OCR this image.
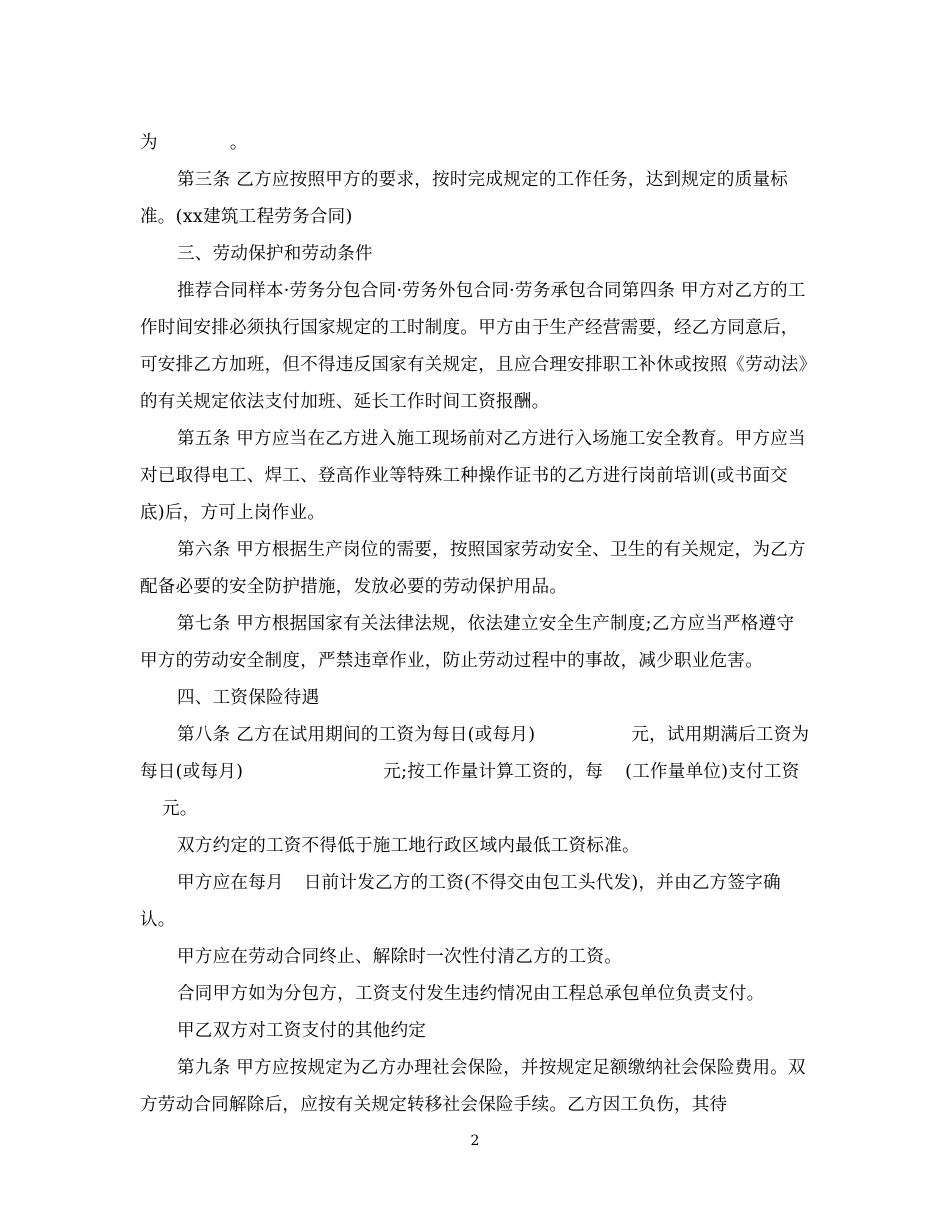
为	。

第三条 乙方应按照甲方的要求，按时完成规定的工作任务，达到规定的质量标准。(xx建筑工程劳务合同)

三、劳动保护和劳动条件

推荐合同样本·劳务分包合同·劳务外包合同·劳务承包合同第四条 甲方对乙方的工作时间安排必须执行国家规定的工时制度。甲方由于生产经营需要，经乙方同意后，可安排乙方加班，但不得违反国家有关规定，且应合理安排职工补休或按照《劳动法》的有关规定依法支付加班、延长工作时间工资报酬。

第五条 甲方应当在乙方进入施工现场前对乙方进行入场施工安全教育。甲方应当对已取得电工、焊工、登高作业等特殊工种操作证书的乙方进行岗前培训(或书面交底)后，方可上岗作业。

第六条 甲方根据生产岗位的需要，按照国家劳动安全、卫生的有关规定，为乙方配备必要的安全防护措施，发放必要的劳动保护用品。

第七条 甲方根据国家有关法律法规，依法建立安全生产制度;乙方应当严格遵守甲方的劳动安全制度，严禁违章作业，防止劳动过程中的事故，减少职业危害。

四、工资保险待遇

第八条 乙方在试用期间的工资为每日(或每月)	元，试用期满后工资为每日(或每月)	元;按工作量计算工资的，每 (工作量单位)支付工资元。

双方约定的工资不得低于施工地行政区域内最低工资标准。

甲方应在每月 日前计发乙方的工资(不得交由包工头代发)，并由乙方签字确认。

甲方应在劳动合同终止、解除时一次性付清乙方的工资。

合同甲方如为分包方，工资支付发生违约情况由工程总承包单位负责支付。

甲乙双方对工资支付的其他约定

第九条 甲方应按规定为乙方办理社会保险，并按规定足额缴纳社会保险费用。双方劳动合同解除后，应按有关规定转移社会保险手续。乙方因工负伤，其待

2
